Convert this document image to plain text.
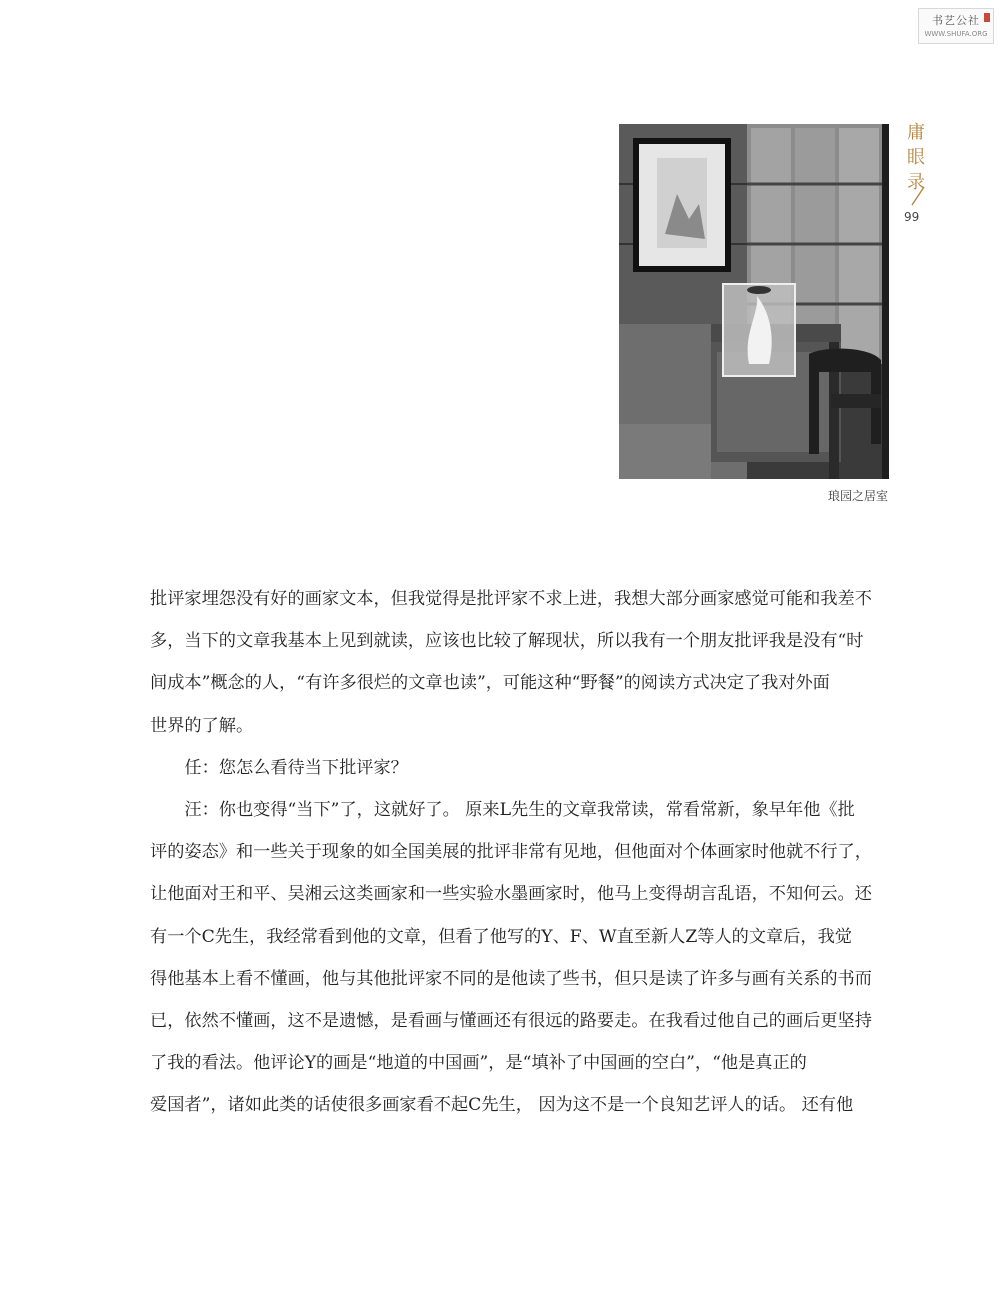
书艺公社
WWW.SHUFA.ORG
琅园之居室
庸
眼
录
99
批评家埋怨没有好的画家文本，但我觉得是批评家不求上进，我想大部分画家感觉可能和我差不
多，当下的文章我基本上见到就读，应该也比较了解现状，所以我有一个朋友批评我是没有“时
间成本”概念的人，“有许多很烂的文章也读”，可能这种“野餐”的阅读方式决定了我对外面
世界的了解。
　　任：您怎么看待当下批评家？
　　汪：你也变得“当下”了，这就好了。 原来L先生的文章我常读，常看常新，象早年他《批
评的姿态》和一些关于现象的如全国美展的批评非常有见地，但他面对个体画家时他就不行了，
让他面对王和平、吴湘云这类画家和一些实验水墨画家时，他马上变得胡言乱语，不知何云。还
有一个C先生，我经常看到他的文章，但看了他写的Y、F、W直至新人Z等人的文章后，我觉
得他基本上看不懂画，他与其他批评家不同的是他读了些书，但只是读了许多与画有关系的书而
已，依然不懂画，这不是遗憾，是看画与懂画还有很远的路要走。在我看过他自己的画后更坚持
了我的看法。他评论Y的画是“地道的中国画”，是“填补了中国画的空白”，“他是真正的
爱国者”，诸如此类的话使很多画家看不起C先生， 因为这不是一个良知艺评人的话。 还有他
